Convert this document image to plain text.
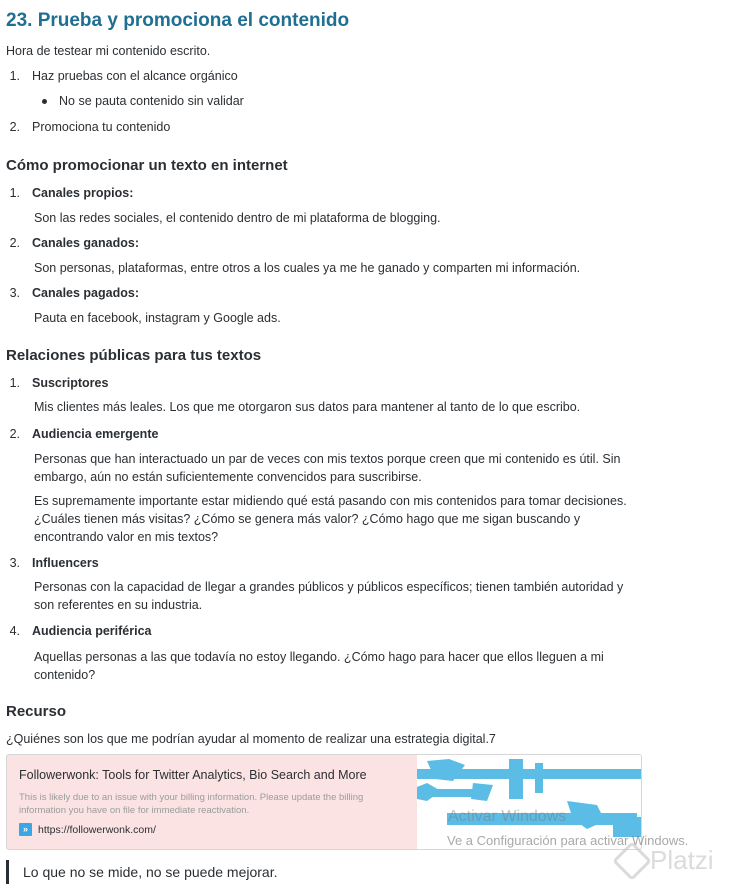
23. Prueba y promociona el contenido
Hora de testear mi contenido escrito.
1. Haz pruebas con el alcance orgánico
No se pauta contenido sin validar
2. Promociona tu contenido
Cómo promocionar un texto en internet
1. Canales propios:
Son las redes sociales, el contenido dentro de mi plataforma de blogging.
2. Canales ganados:
Son personas, plataformas, entre otros a los cuales ya me he ganado y comparten mi información.
3. Canales pagados:
Pauta en facebook, instagram y Google ads.
Relaciones públicas para tus textos
1. Suscriptores
Mis clientes más leales. Los que me otorgaron sus datos para mantener al tanto de lo que escribo.
2. Audiencia emergente
Personas que han interactuado un par de veces con mis textos porque creen que mi contenido es útil. Sin embargo, aún no están suficientemente convencidos para suscribirse.
Es supremamente importante estar midiendo qué está pasando con mis contenidos para tomar decisiones. ¿Cuáles tienen más visitas? ¿Cómo se genera más valor? ¿Cómo hago que me sigan buscando y encontrando valor en mis textos?
3. Influencers
Personas con la capacidad de llegar a grandes públicos y públicos específicos; tienen también autoridad y son referentes en su industria.
4. Audiencia periférica
Aquellas personas a las que todavía no estoy llegando. ¿Cómo hago para hacer que ellos lleguen a mi contenido?
Recurso
¿Quiénes son los que me podrían ayudar al momento de realizar una estrategia digital.7
Followerwonk: Tools for Twitter Analytics, Bio Search and More
This is likely due to an issue with your billing information. Please update the billing information you have on file for immediate reactivation.
» https://followerwonk.com/
Activar Windows
Ve a Configuración para activar Windows.
Platzi
Lo que no se mide, no se puede mejorar.
